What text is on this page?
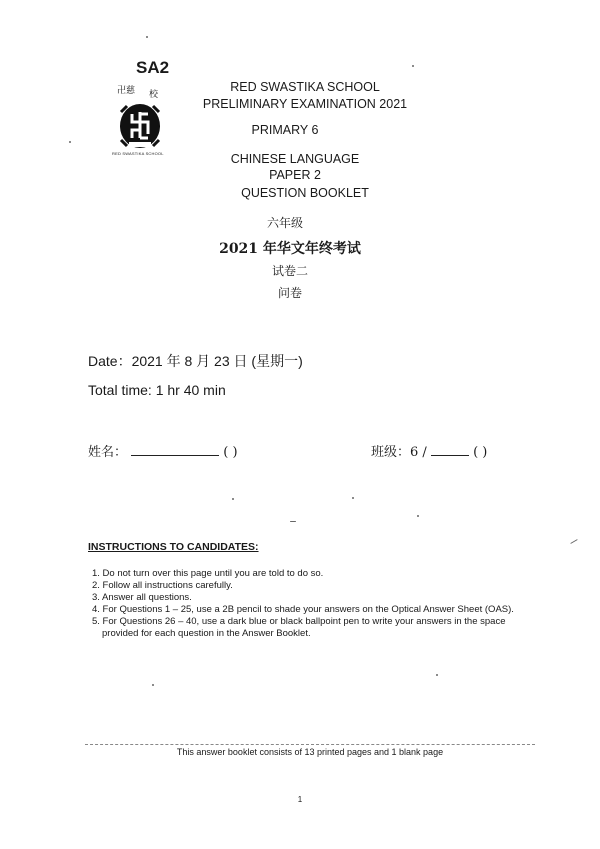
SA2
卍慈 校
RED SWASTIKA SCHOOL
RED SWASTIKA SCHOOL
PRELIMINARY EXAMINATION 2021
PRIMARY 6
CHINESE LANGUAGE
PAPER 2
QUESTION BOOKLET
六年级
2021 年华文年终考试
试卷二
问卷
Date：2021 年 8 月 23 日 (星期一)
Total time: 1 hr 40 min
姓名：	( )	班级：6 /	( )
INSTRUCTIONS TO CANDIDATES:
1. Do not turn over this page until you are told to do so.
2. Follow all instructions carefully.
3. Answer all questions.
4. For Questions 1 – 25, use a 2B pencil to shade your answers on the Optical Answer Sheet (OAS).
5. For Questions 26 – 40, use a dark blue or black ballpoint pen to write your answers in the space provided for each question in the Answer Booklet.
This answer booklet consists of 13 printed pages and 1 blank page
1
